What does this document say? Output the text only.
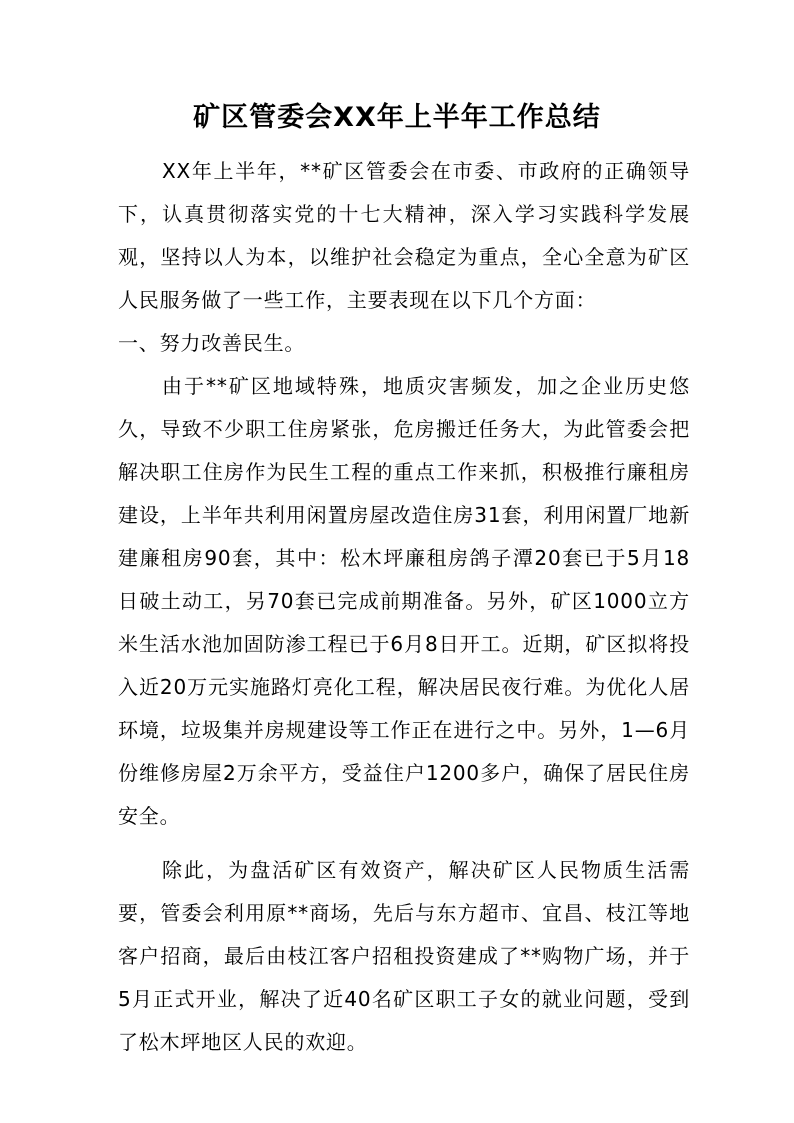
矿区管委会XX年上半年工作总结

XX年上半年，**矿区管委会在市委、市政府的正确领导下，认真贯彻落实党的十七大精神，深入学习实践科学发展观，坚持以人为本，以维护社会稳定为重点，全心全意为矿区人民服务做了一些工作，主要表现在以下几个方面：

一、努力改善民生。

由于**矿区地域特殊，地质灾害频发，加之企业历史悠久，导致不少职工住房紧张，危房搬迁任务大，为此管委会把解决职工住房作为民生工程的重点工作来抓，积极推行廉租房建设，上半年共利用闲置房屋改造住房31套，利用闲置厂地新建廉租房90套，其中：松木坪廉租房鸽子潭20套已于5月18日破土动工，另70套已完成前期准备。另外，矿区1000立方米生活水池加固防渗工程已于6月8日开工。近期，矿区拟将投入近20万元实施路灯亮化工程，解决居民夜行难。为优化人居环境，垃圾集并房规建设等工作正在进行之中。另外，1—6月份维修房屋2万余平方，受益住户1200多户，确保了居民住房安全。

除此，为盘活矿区有效资产，解决矿区人民物质生活需要，管委会利用原**商场，先后与东方超市、宜昌、枝江等地客户招商，最后由枝江客户招租投资建成了**购物广场，并于5月正式开业，解决了近40名矿区职工子女的就业问题，受到了松木坪地区人民的欢迎。
